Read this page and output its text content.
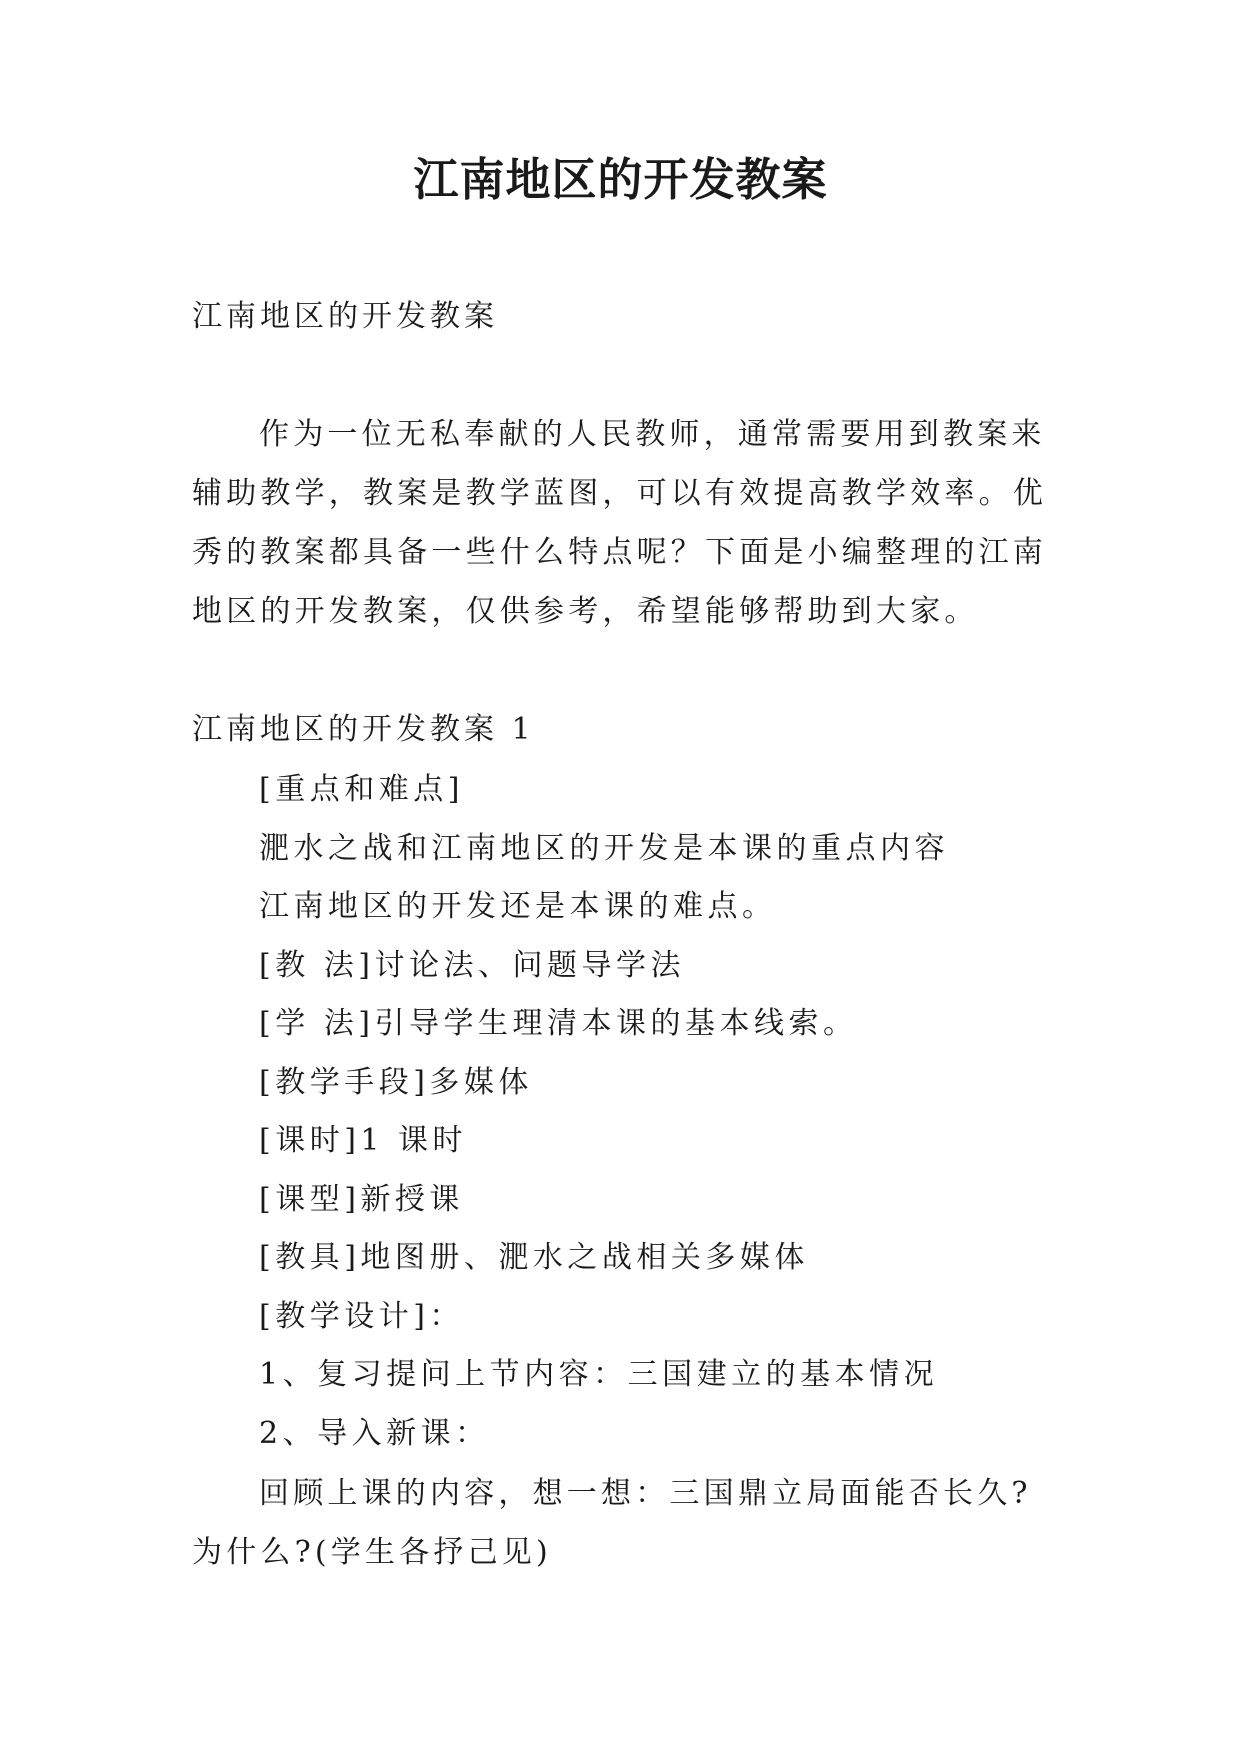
江南地区的开发教案
江南地区的开发教案

作为一位无私奉献的人民教师，通常需要用到教案来辅助教学，教案是教学蓝图，可以有效提高教学效率。优秀的教案都具备一些什么特点呢？下面是小编整理的江南地区的开发教案，仅供参考，希望能够帮助到大家。

江南地区的开发教案 1
[重点和难点]
淝水之战和江南地区的开发是本课的重点内容
江南地区的开发还是本课的难点。
[教 法]讨论法、问题导学法
[学 法]引导学生理清本课的基本线索。
[教学手段]多媒体
[课时]1 课时
[课型]新授课
[教具]地图册、淝水之战相关多媒体
[教学设计]：
1、复习提问上节内容：三国建立的基本情况
2、导入新课：

回顾上课的内容，想一想：三国鼎立局面能否长久?为什么?(学生各抒己见)
